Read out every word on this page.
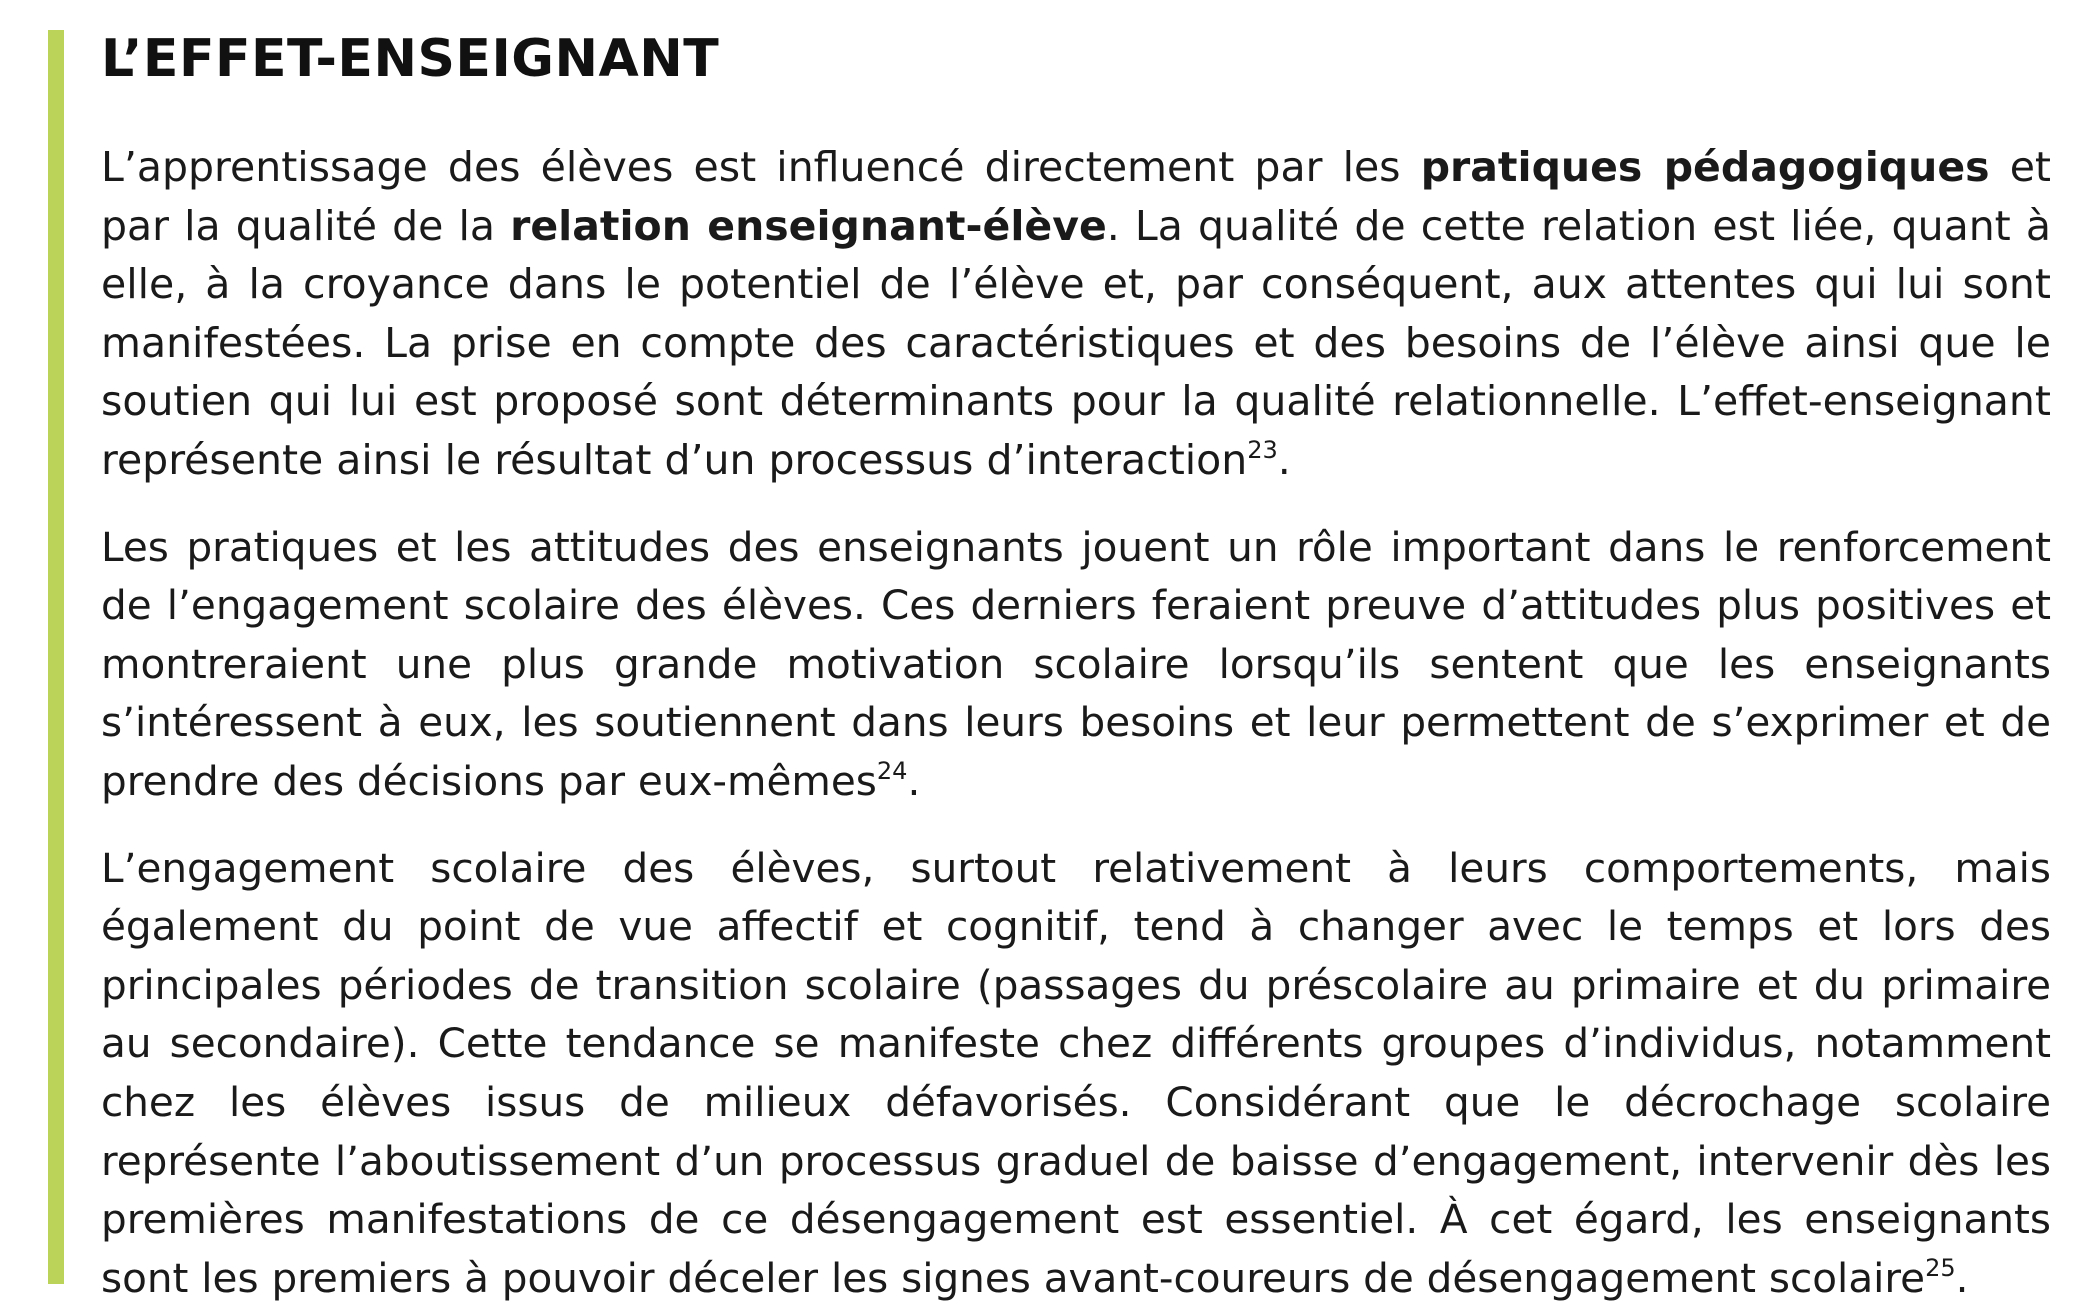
L’EFFET-ENSEIGNANT

L’apprentissage des élèves est influencé directement par les pratiques pédagogiques et par la qualité de la relation enseignant-élève. La qualité de cette relation est liée, quant à elle, à la croyance dans le potentiel de l’élève et, par conséquent, aux attentes qui lui sont manifestées. La prise en compte des caractéristiques et des besoins de l’élève ainsi que le soutien qui lui est proposé sont déterminants pour la qualité relationnelle. L’effet-enseignant représente ainsi le résultat d’un processus d’interaction$^{23}$.

Les pratiques et les attitudes des enseignants jouent un rôle important dans le renforcement de l’engagement scolaire des élèves. Ces derniers feraient preuve d’attitudes plus positives et montreraient une plus grande motivation scolaire lorsqu’ils sentent que les enseignants s’intéressent à eux, les soutiennent dans leurs besoins et leur permettent de s’exprimer et de prendre des décisions par eux-mêmes$^{24}$.

L’engagement scolaire des élèves, surtout relativement à leurs comportements, mais également du point de vue affectif et cognitif, tend à changer avec le temps et lors des principales périodes de transition scolaire (passages du préscolaire au primaire et du primaire au secondaire). Cette tendance se manifeste chez différents groupes d’individus, notamment chez les élèves issus de milieux défavorisés. Considérant que le décrochage scolaire représente l’aboutissement d’un processus graduel de baisse d’engagement, intervenir dès les premières manifestations de ce désengagement est essentiel. À cet égard, les enseignants sont les premiers à pouvoir déceler les signes avant-coureurs de désengagement scolaire$^{25}$.
